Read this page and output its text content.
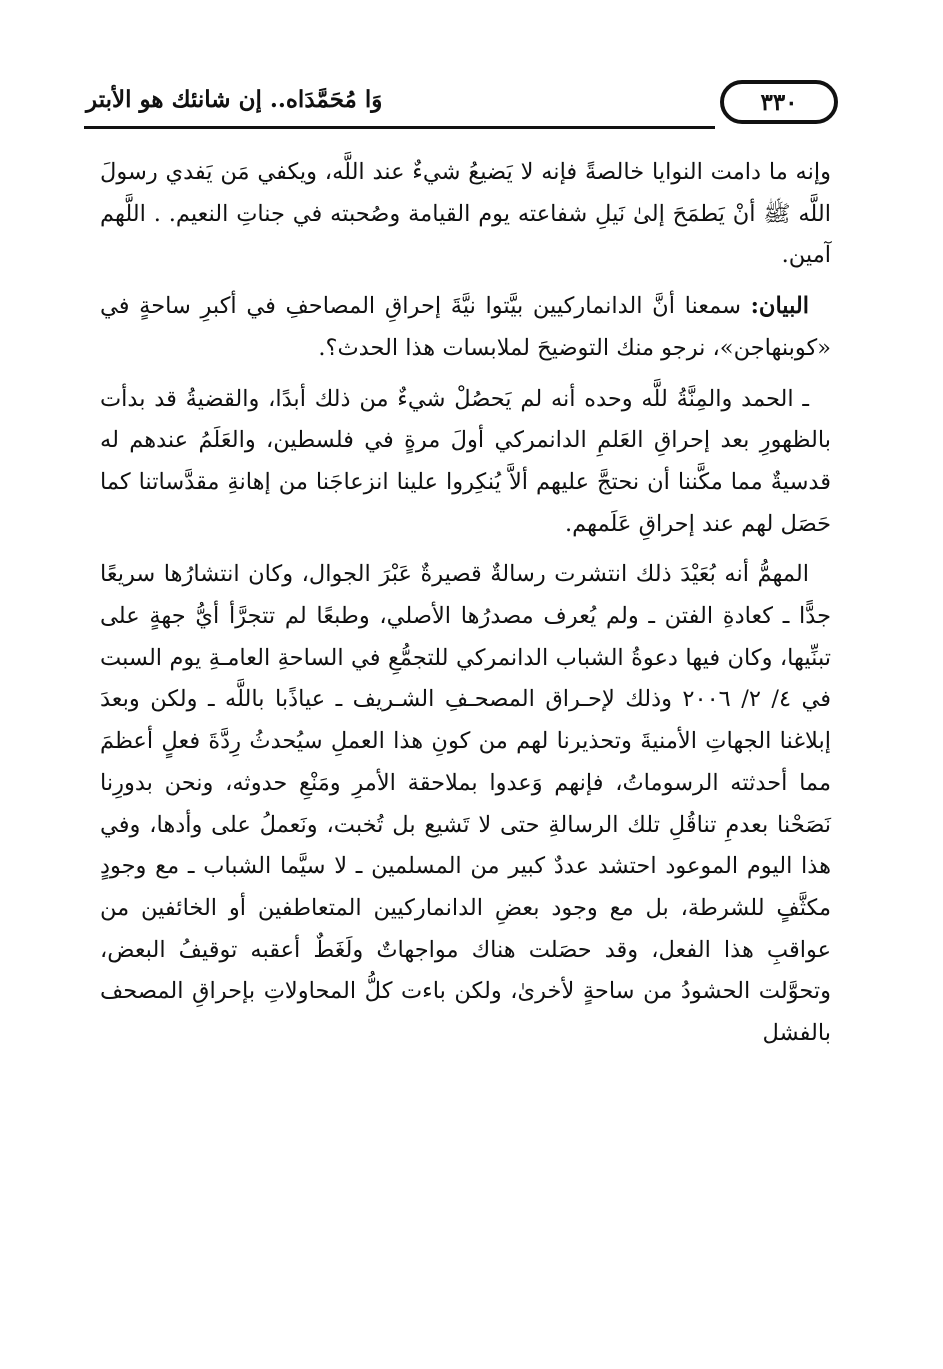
وَا مُحَمَّدَاه.. إن شانئك هو الأبتر	٣٣٠

وإنه ما دامت النوايا خالصةً فإنه لا يَضيعُ شيءٌ عند اللَّه، ويكفي مَن يَفدي رسولَ اللَّه ﷺ أنْ يَطمَحَ إلىٰ نَيلِ شفاعته يوم القيامة وصُحبته في جناتِ النعيم. . اللَّهم آمين.

البيان: سمعنا أنَّ الدانماركيين بيَّتوا نيَّةَ إحراقِ المصاحفِ في أكبرِ ساحةٍ في «كوبنهاجن»، نرجو منك التوضيحَ لملابسات هذا الحدث؟.

ـ الحمد والمِنَّةُ للَّه وحده أنه لم يَحصُلْ شيءٌ من ذلك أبدًا، والقضيةُ قد بدأت بالظهورِ بعد إحراقِ العَلمِ الدانمركي أولَ مرةٍ في فلسطين، والعَلَمُ عندهم له قدسيةٌ مما مكَّننا أن نحتجَّ عليهم ألاَّ يُنكِروا علينا انزعاجَنا من إهانةِ مقدَّساتنا كما حَصَل لهم عند إحراقِ عَلَمهم.

المهمُّ أنه بُعَيْدَ ذلك انتشرت رسالةٌ قصيرةٌ عَبْرَ الجوال، وكان انتشارُها سريعًا جدًّا ـ كعادةِ الفتن ـ ولم يُعرف مصدرُها الأصلي، وطبعًا لم تتجرَّأ أيُّ جهةٍ على تبنِّيها، وكان فيها دعوةُ الشباب الدانمركي للتجمُّعِ في الساحةِ العامـةِ يوم السبت في ٤/ ٢/ ٢٠٠٦ وذلك لإحـراق المصحـفِ الشـريف ـ عياذًبا باللَّه ـ ولكن وبعدَ إبلاغنا الجهاتِ الأمنيةَ وتحذيرنا لهم من كونِ هذا العملِ سيُحدثُ رِدَّةَ فعلٍ أعظمَ مما أحدثته الرسوماتُ، فإنهم وَعدوا بملاحقة الأمرِ ومَنْعِ حدوثه، ونحن بدورِنا نَصَحْنا بعدمِ تناقُلِ تلك الرسالةِ حتى لا تَشيع بل تُخبت، ونَعملُ على وأدها، وفي هذا اليوم الموعود احتشد عددٌ كبير من المسلمين ـ لا سيَّما الشباب ـ مع وجودٍ مكثَّفٍ للشرطة، بل مع وجود بعضِ الدانماركيين المتعاطفين أو الخائفين من عواقبِ هذا الفعل، وقد حصَلت هناك مواجهاتٌ ولَغَطٌ أعقبه توقيفُ البعض، وتحوَّلت الحشودُ من ساحةٍ لأخرىٰ، ولكن باءت كلُّ المحاولاتِ بإحراقِ المصحف بالفشل
